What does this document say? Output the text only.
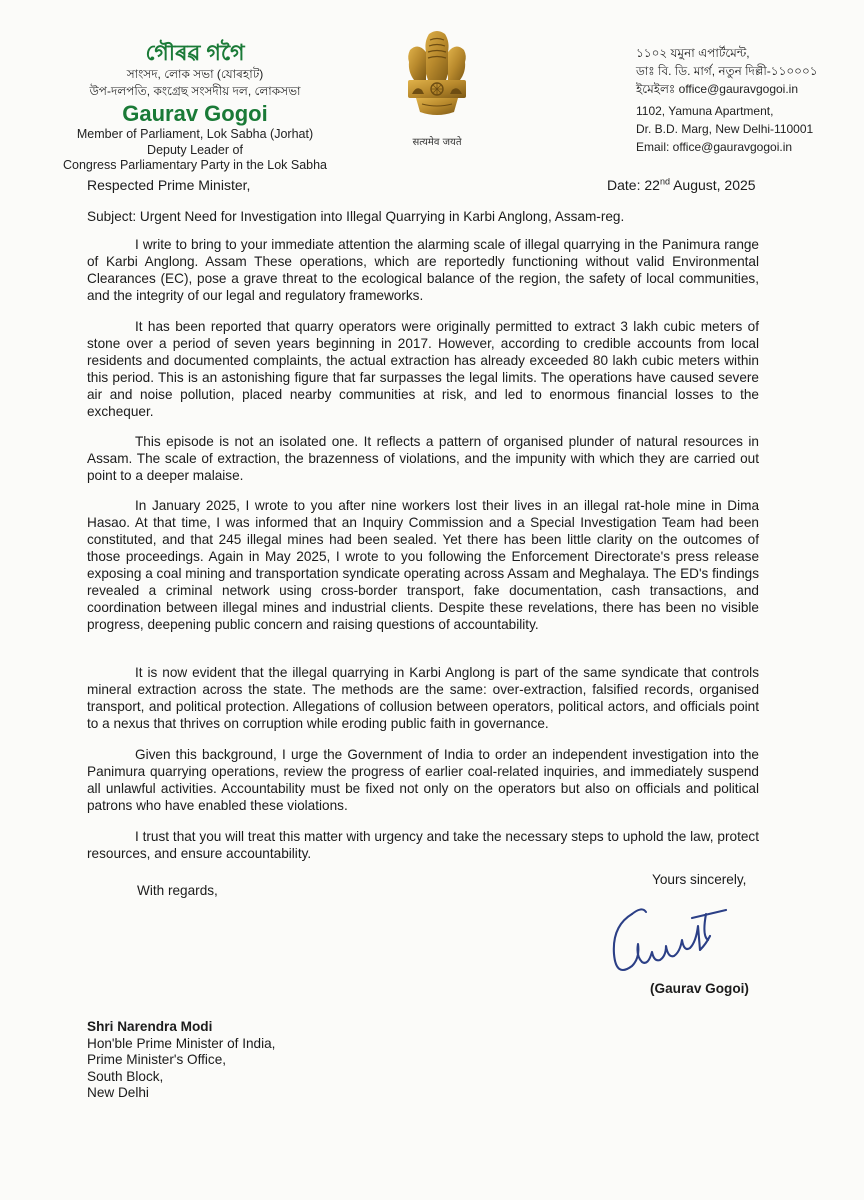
গৌৰৱ গগৈ
সাংসদ, লোক সভা (যোৰহাট)
উপ-দলপতি, কংগ্ৰেছ সংসদীয় দল, লোকসভা
Gaurav Gogoi
Member of Parliament, Lok Sabha (Jorhat)
Deputy Leader of
Congress Parliamentary Party in the Lok Sabha
सत्यमेव जयते
১১০২ যমুনা এপাৰ্টমেন্ট,
ডাঃ বি. ডি. মাৰ্গ, নতুন দিল্লী-১১০০০১
ইমেইলঃ office@gauravgogoi.in
1102, Yamuna Apartment,
Dr. B.D. Marg, New Delhi-110001
Email: office@gauravgogoi.in
Respected Prime Minister,	Date: 22nd August, 2025
Subject: Urgent Need for Investigation into Illegal Quarrying in Karbi Anglong, Assam-reg.

I write to bring to your immediate attention the alarming scale of illegal quarrying in the Panimura range of Karbi Anglong. Assam These operations, which are reportedly functioning without valid Environmental Clearances (EC), pose a grave threat to the ecological balance of the region, the safety of local communities, and the integrity of our legal and regulatory frameworks.

It has been reported that quarry operators were originally permitted to extract 3 lakh cubic meters of stone over a period of seven years beginning in 2017. However, according to credible accounts from local residents and documented complaints, the actual extraction has already exceeded 80 lakh cubic meters within this period. This is an astonishing figure that far surpasses the legal limits. The operations have caused severe air and noise pollution, placed nearby communities at risk, and led to enormous financial losses to the exchequer.

This episode is not an isolated one. It reflects a pattern of organised plunder of natural resources in Assam. The scale of extraction, the brazenness of violations, and the impunity with which they are carried out point to a deeper malaise.

In January 2025, I wrote to you after nine workers lost their lives in an illegal rat-hole mine in Dima Hasao. At that time, I was informed that an Inquiry Commission and a Special Investigation Team had been constituted, and that 245 illegal mines had been sealed. Yet there has been little clarity on the outcomes of those proceedings. Again in May 2025, I wrote to you following the Enforcement Directorate's press release exposing a coal mining and transportation syndicate operating across Assam and Meghalaya. The ED's findings revealed a criminal network using cross-border transport, fake documentation, cash transactions, and coordination between illegal mines and industrial clients. Despite these revelations, there has been no visible progress, deepening public concern and raising questions of accountability.

It is now evident that the illegal quarrying in Karbi Anglong is part of the same syndicate that controls mineral extraction across the state. The methods are the same: over-extraction, falsified records, organised transport, and political protection. Allegations of collusion between operators, political actors, and officials point to a nexus that thrives on corruption while eroding public faith in governance.

Given this background, I urge the Government of India to order an independent investigation into the Panimura quarrying operations, review the progress of earlier coal-related inquiries, and immediately suspend all unlawful activities. Accountability must be fixed not only on the operators but also on officials and political patrons who have enabled these violations.

I trust that you will treat this matter with urgency and take the necessary steps to uphold the law, protect resources, and ensure accountability.

With regards,
Yours sincerely,
(Gaurav Gogoi)
Shri Narendra Modi
Hon'ble Prime Minister of India,
Prime Minister's Office,
South Block,
New Delhi
